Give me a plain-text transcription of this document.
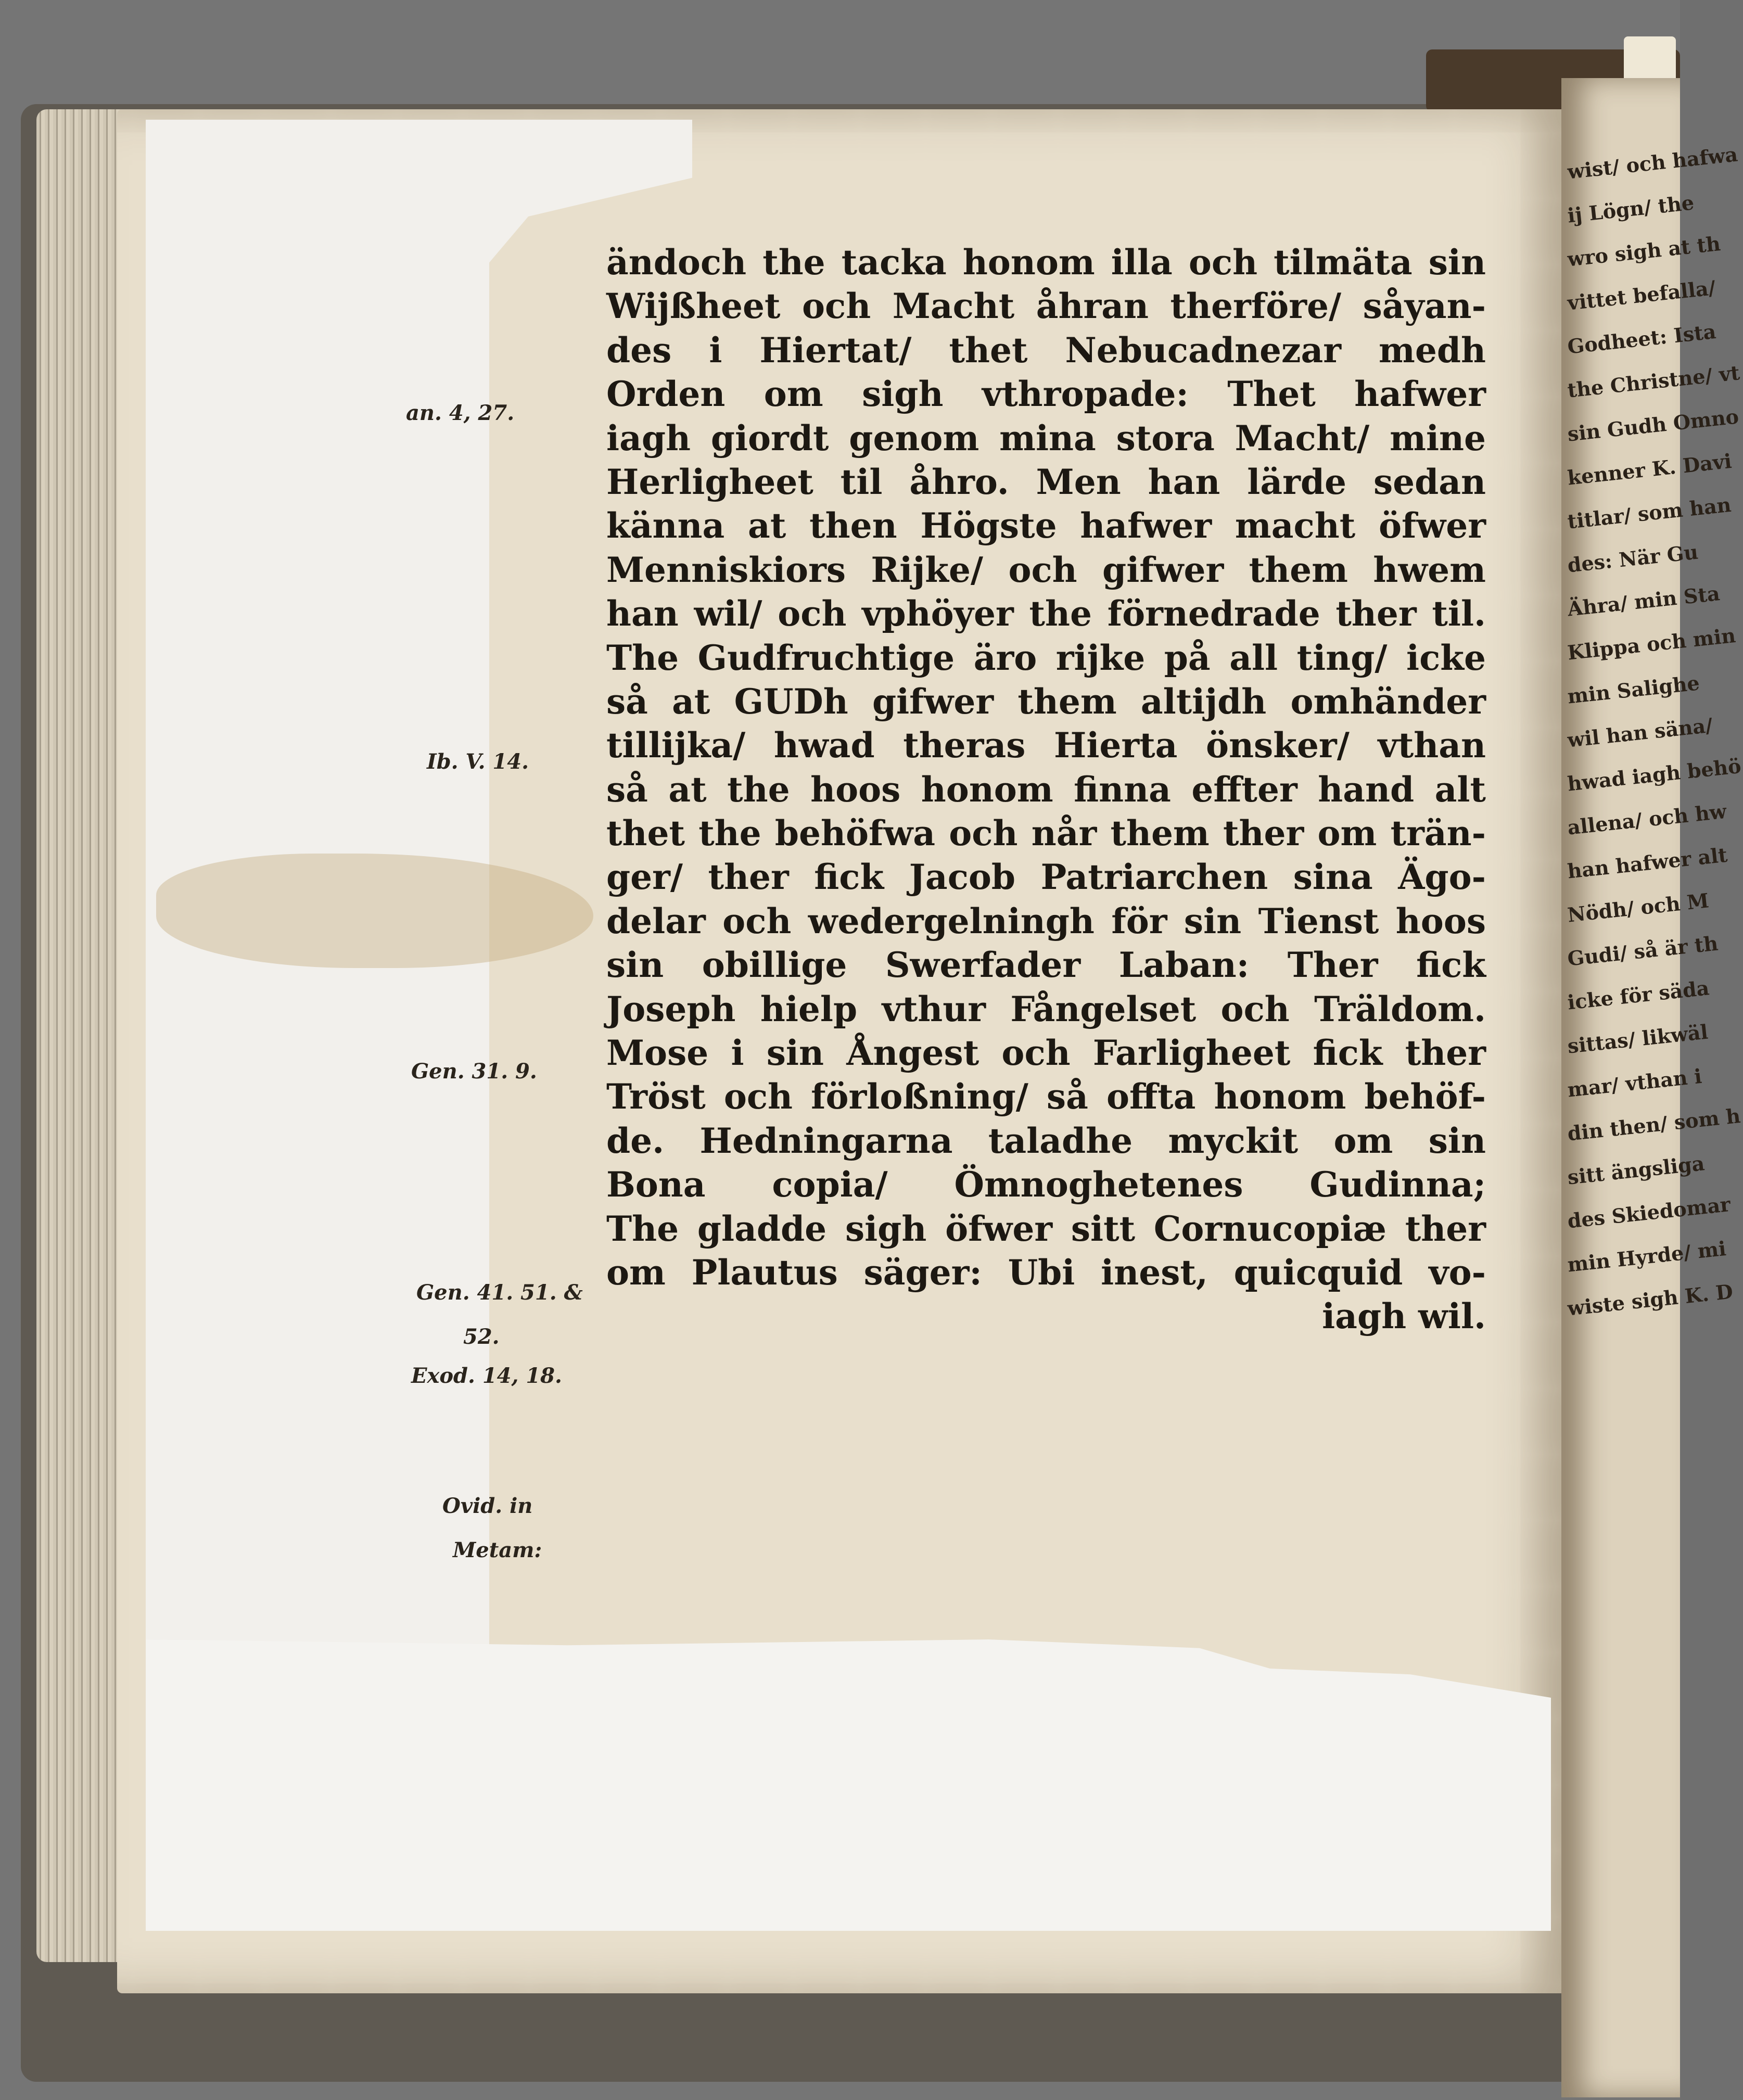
ändoch the tacka honom illa och tilmäta sin
Wijßheet och Macht åhran therföre/ såyan-
des i Hiertat/ thet Nebucadnezar medh
Orden om sigh vthropade: Thet hafwer
iagh giordt genom mina stora Macht/ mine
Herligheet til åhro. Men han lärde sedan
känna at then Högste hafwer macht öfwer
Menniskiors Rijke/ och gifwer them hwem
han wil/ och vphöyer the förnedrade ther til.
The Gudfruchtige äro rijke på all ting/ icke
så at GUDh gifwer them altijdh omhänder
tillijka/ hwad theras Hierta önsker/ vthan
så at the hoos honom finna effter hand alt
thet the behöfwa och når them ther om trän-
ger/ ther fick Jacob Patriarchen sina Ägo-
delar och wedergelningh för sin Tienst hoos
sin obillige Swerfader Laban: Ther fick
Joseph hielp vthur Fångelset och Träldom.
Mose i sin Ångest och Farligheet fick ther
Tröst och förloßning/ så offta honom behöf-
de. Hedningarna taladhe myckit om sin
Bona copia/ Ömnoghetenes Gudinna;
The gladde sigh öfwer sitt Cornucopiæ ther
om Plautus säger: Ubi inest, quicquid vo-
iagh wil.
an. 4, 27.
Ib. V. 14.
Gen. 31. 9.
Gen. 41. 51. &
52.
Exod. 14, 18.
Ovid. in
Metam:
wist/ och hafwa
ij Lögn/ the
wro sigh at th
vittet befalla/
Godheet: Ista
the Christne/ vt
sin Gudh Omno
kenner K. Davi
titlar/ som han
des: När Gu
Ähra/ min Sta
Klippa och min
min Salighe
wil han säna/
hwad iagh behö
allena/ och hw
han hafwer alt
Nödh/ och M
Gudi/ så är th
icke för säda
sittas/ likwäl
mar/ vthan i
din then/ som h
sitt ängsliga
des Skiedomar
min Hyrde/ mi
wiste sigh K. D
